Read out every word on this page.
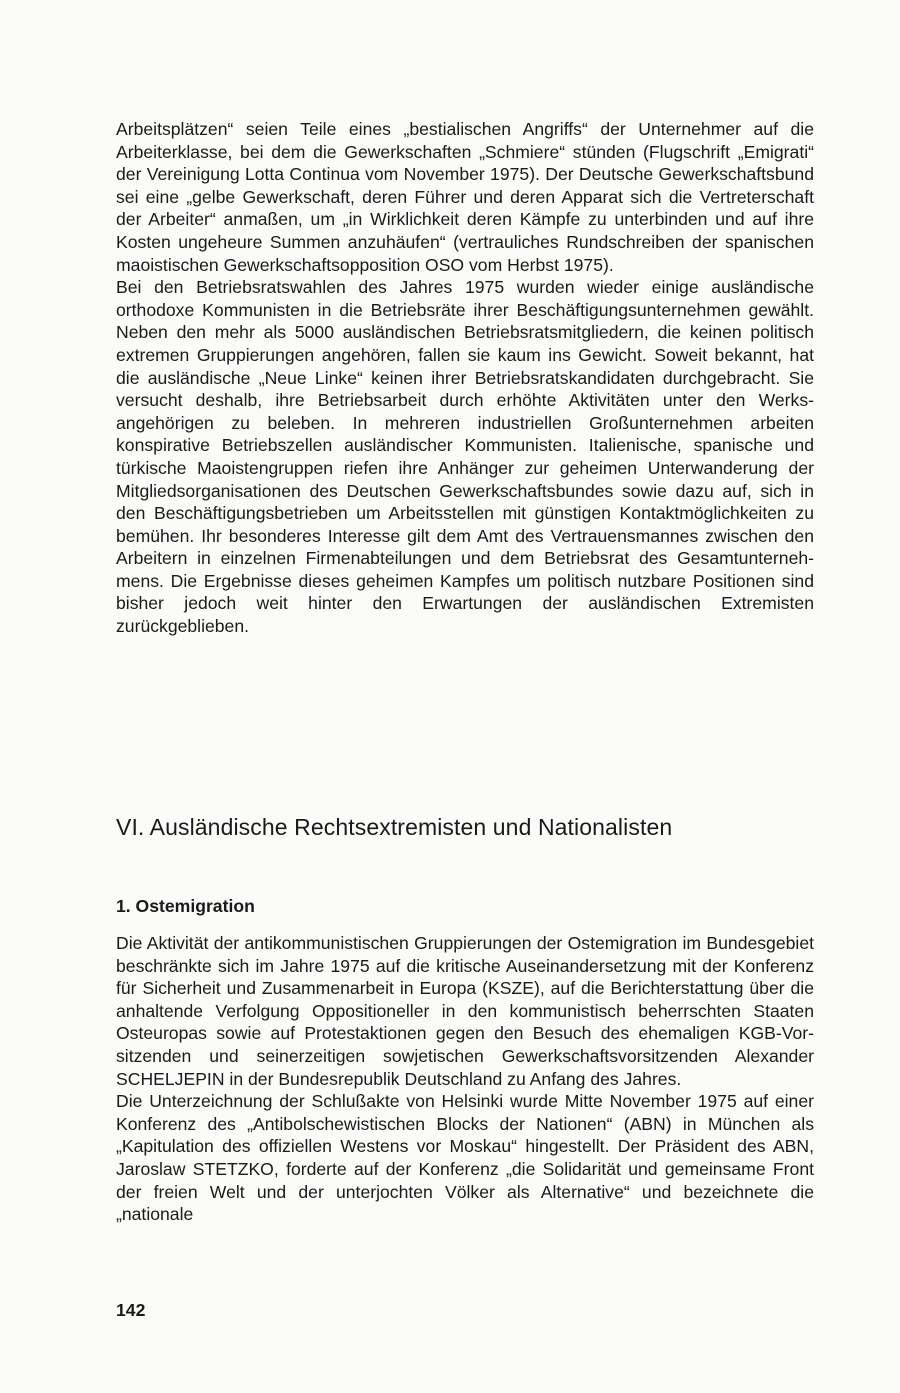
Arbeitsplätzen“ seien Teile eines „bestialischen Angriffs“ der Unternehmer auf die Arbeiterklasse, bei dem die Gewerkschaften „Schmiere“ stünden (Flugschrift „Emigrati“ der Vereinigung Lotta Continua vom November 1975). Der Deutsche Gewerkschaftsbund sei eine „gelbe Gewerkschaft, deren Führer und deren Apparat sich die Vertreterschaft der Arbeiter“ anmaßen, um „in Wirklichkeit deren Kämpfe zu unterbinden und auf ihre Kosten ungeheure Summen anzuhäufen“ (vertrauliches Rundschreiben der spanischen maoistischen Gewerkschaftsopposition OSO vom Herbst 1975).

Bei den Betriebsratswahlen des Jahres 1975 wurden wieder einige ausländische orthodoxe Kommunisten in die Betriebsräte ihrer Beschäftigungsunternehmen gewählt. Neben den mehr als 5000 ausländischen Betriebsratsmitgliedern, die keinen politisch extremen Gruppierungen angehören, fallen sie kaum ins Gewicht. Soweit bekannt, hat die ausländische „Neue Linke“ keinen ihrer Betriebsratskandidaten durchgebracht. Sie versucht deshalb, ihre Betriebsarbeit durch erhöhte Aktivitäten unter den Werksangehörigen zu beleben. In mehreren industriellen Großunternehmen arbeiten konspirative Betriebszellen ausländischer Kommunisten. Italienische, spanische und türkische Maoistengruppen riefen ihre Anhänger zur geheimen Unterwanderung der Mitgliedsorganisationen des Deutschen Gewerkschaftsbundes sowie dazu auf, sich in den Beschäftigungsbetrieben um Arbeitsstellen mit günstigen Kontaktmöglichkeiten zu bemühen. Ihr besonderes Interesse gilt dem Amt des Vertrauensmannes zwischen den Arbeitern in einzelnen Firmenabteilungen und dem Betriebsrat des Gesamtunternehmens. Die Ergebnisse dieses geheimen Kampfes um politisch nutzbare Positionen sind bisher jedoch weit hinter den Erwartungen der ausländischen Extremisten zurückgeblieben.

VI. Ausländische Rechtsextremisten und Nationalisten
1. Ostemigration

Die Aktivität der antikommunistischen Gruppierungen der Ostemigration im Bundesgebiet beschränkte sich im Jahre 1975 auf die kritische Auseinandersetzung mit der Konferenz für Sicherheit und Zusammenarbeit in Europa (KSZE), auf die Berichterstattung über die anhaltende Verfolgung Oppositioneller in den kommunistisch beherrschten Staaten Osteuropas sowie auf Protestaktionen gegen den Besuch des ehemaligen KGB-Vorsitzenden und seinerzeitigen sowjetischen Gewerkschaftsvorsitzenden Alexander SCHELJEPIN in der Bundesrepublik Deutschland zu Anfang des Jahres.

Die Unterzeichnung der Schlußakte von Helsinki wurde Mitte November 1975 auf einer Konferenz des „Antibolschewistischen Blocks der Nationen“ (ABN) in München als „Kapitulation des offiziellen Westens vor Moskau“ hingestellt. Der Präsident des ABN, Jaroslaw STETZKO, forderte auf der Konferenz „die Solidarität und gemeinsame Front der freien Welt und der unterjochten Völker als Alternative“ und bezeichnete die „nationale

142
